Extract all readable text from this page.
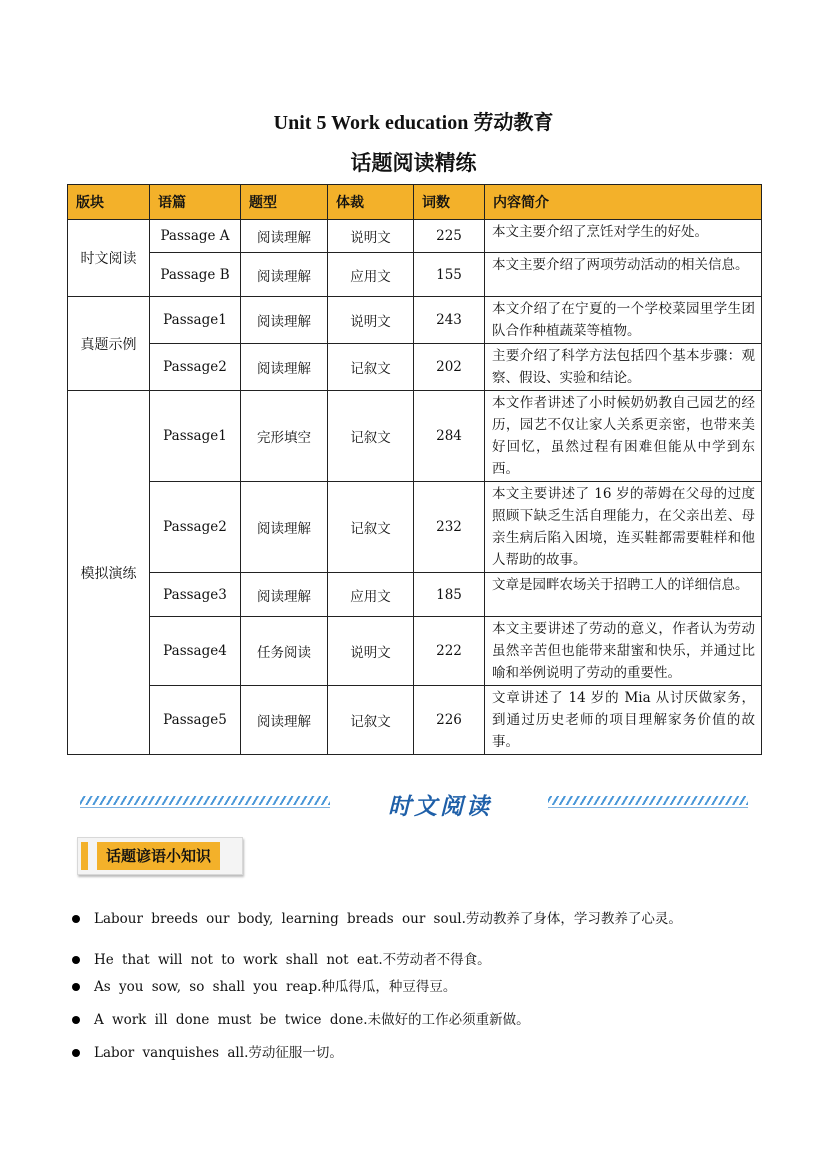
Unit 5 Work education 劳动教育
话题阅读精练
版块	语篇	题型	体裁	词数	内容简介
时文阅读	Passage A	阅读理解	说明文	225	本文主要介绍了烹饪对学生的好处。
	Passage B	阅读理解	应用文	155	本文主要介绍了两项劳动活动的相关信息。
真题示例	Passage1	阅读理解	说明文	243	本文介绍了在宁夏的一个学校菜园里学生团队合作种植蔬菜等植物。
	Passage2	阅读理解	记叙文	202	主要介绍了科学方法包括四个基本步骤：观察、假设、实验和结论。
模拟演练	Passage1	完形填空	记叙文	284	本文作者讲述了小时候奶奶教自己园艺的经历，园艺不仅让家人关系更亲密，也带来美好回忆，虽然过程有困难但能从中学到东西。
	Passage2	阅读理解	记叙文	232	本文主要讲述了 16 岁的蒂姆在父母的过度照顾下缺乏生活自理能力，在父亲出差、母亲生病后陷入困境，连买鞋都需要鞋样和他人帮助的故事。
	Passage3	阅读理解	应用文	185	文章是园畔农场关于招聘工人的详细信息。
	Passage4	任务阅读	说明文	222	本文主要讲述了劳动的意义，作者认为劳动虽然辛苦但也能带来甜蜜和快乐，并通过比喻和举例说明了劳动的重要性。
	Passage5	阅读理解	记叙文	226	文章讲述了 14 岁的 Mia 从讨厌做家务，到通过历史老师的项目理解家务价值的故事。
时文阅读
话题谚语小知识
Labour breeds our body, learning breads our soul.劳动教养了身体，学习教养了心灵。
He that will not to work shall not eat.不劳动者不得食。
As you sow, so shall you reap.种瓜得瓜，种豆得豆。
A work ill done must be twice done.未做好的工作必须重新做。
Labor vanquishes all.劳动征服一切。
